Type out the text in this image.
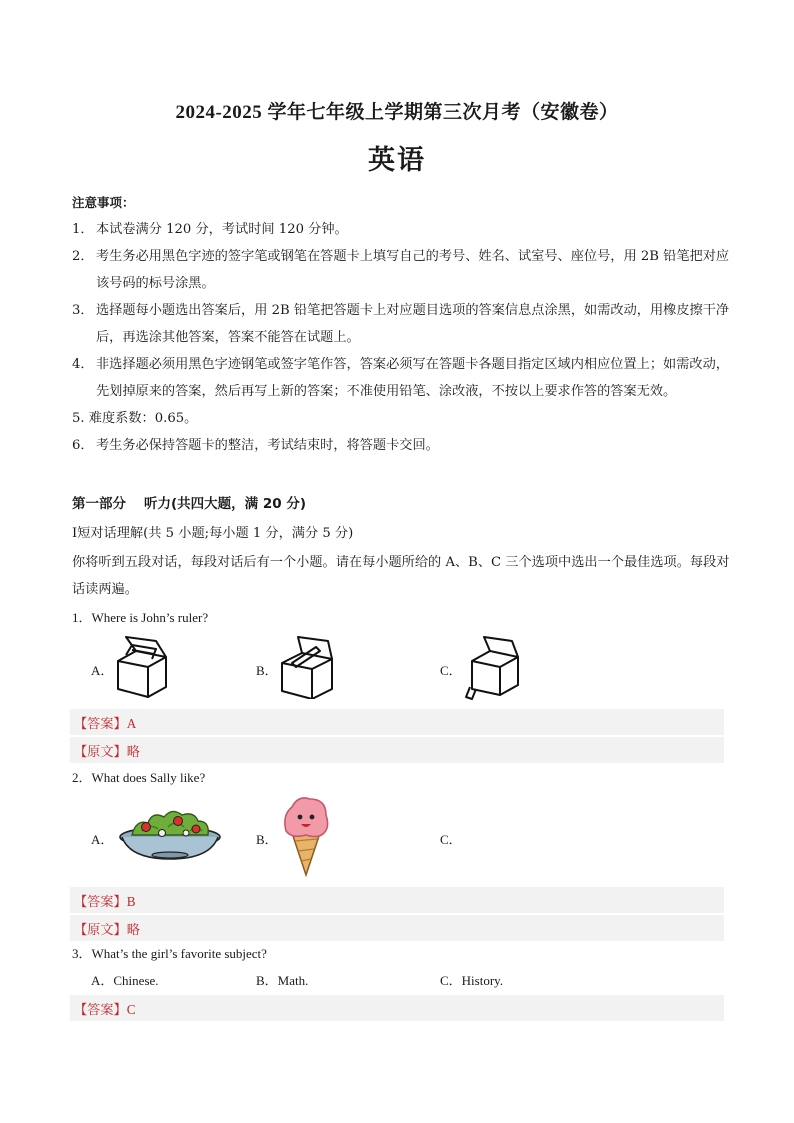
2024-2025 学年七年级上学期第三次月考（安徽卷）
英语
注意事项：
1． 本试卷满分 120 分，考试时间 120 分钟。
2． 考生务必用黑色字迹的签字笔或钢笔在答题卡上填写自己的考号、姓名、试室号、座位号，用 2B 铅笔把对应该号码的标号涂黑。
3． 选择题每小题选出答案后，用 2B 铅笔把答题卡上对应题目选项的答案信息点涂黑，如需改动，用橡皮擦干净后，再选涂其他答案，答案不能答在试题上。
4． 非选择题必须用黑色字迹钢笔或签字笔作答，答案必须写在答题卡各题目指定区域内相应位置上；如需改动，先划掉原来的答案，然后再写上新的答案；不准使用铅笔、涂改液，不按以上要求作答的答案无效。
5. 难度系数：0.65。
6． 考生务必保持答题卡的整洁，考试结束时，将答题卡交回。
第一部分 听力(共四大题，满 20 分)
Ⅰ短对话理解(共 5 小题;每小题 1 分，满分 5 分)
你将听到五段对话，每段对话后有一个小题。请在每小题所给的 A、B、C 三个选项中选出一个最佳选项。每段对话读两遍。
1．Where is John’s ruler?
A．	B．	C．
【答案】A
【原文】略
2．What does Sally like?
A．	B．	C．
【答案】B
【原文】略
3．What’s the girl’s favorite subject?
A．Chinese.	B．Math.	C．History.
【答案】C
